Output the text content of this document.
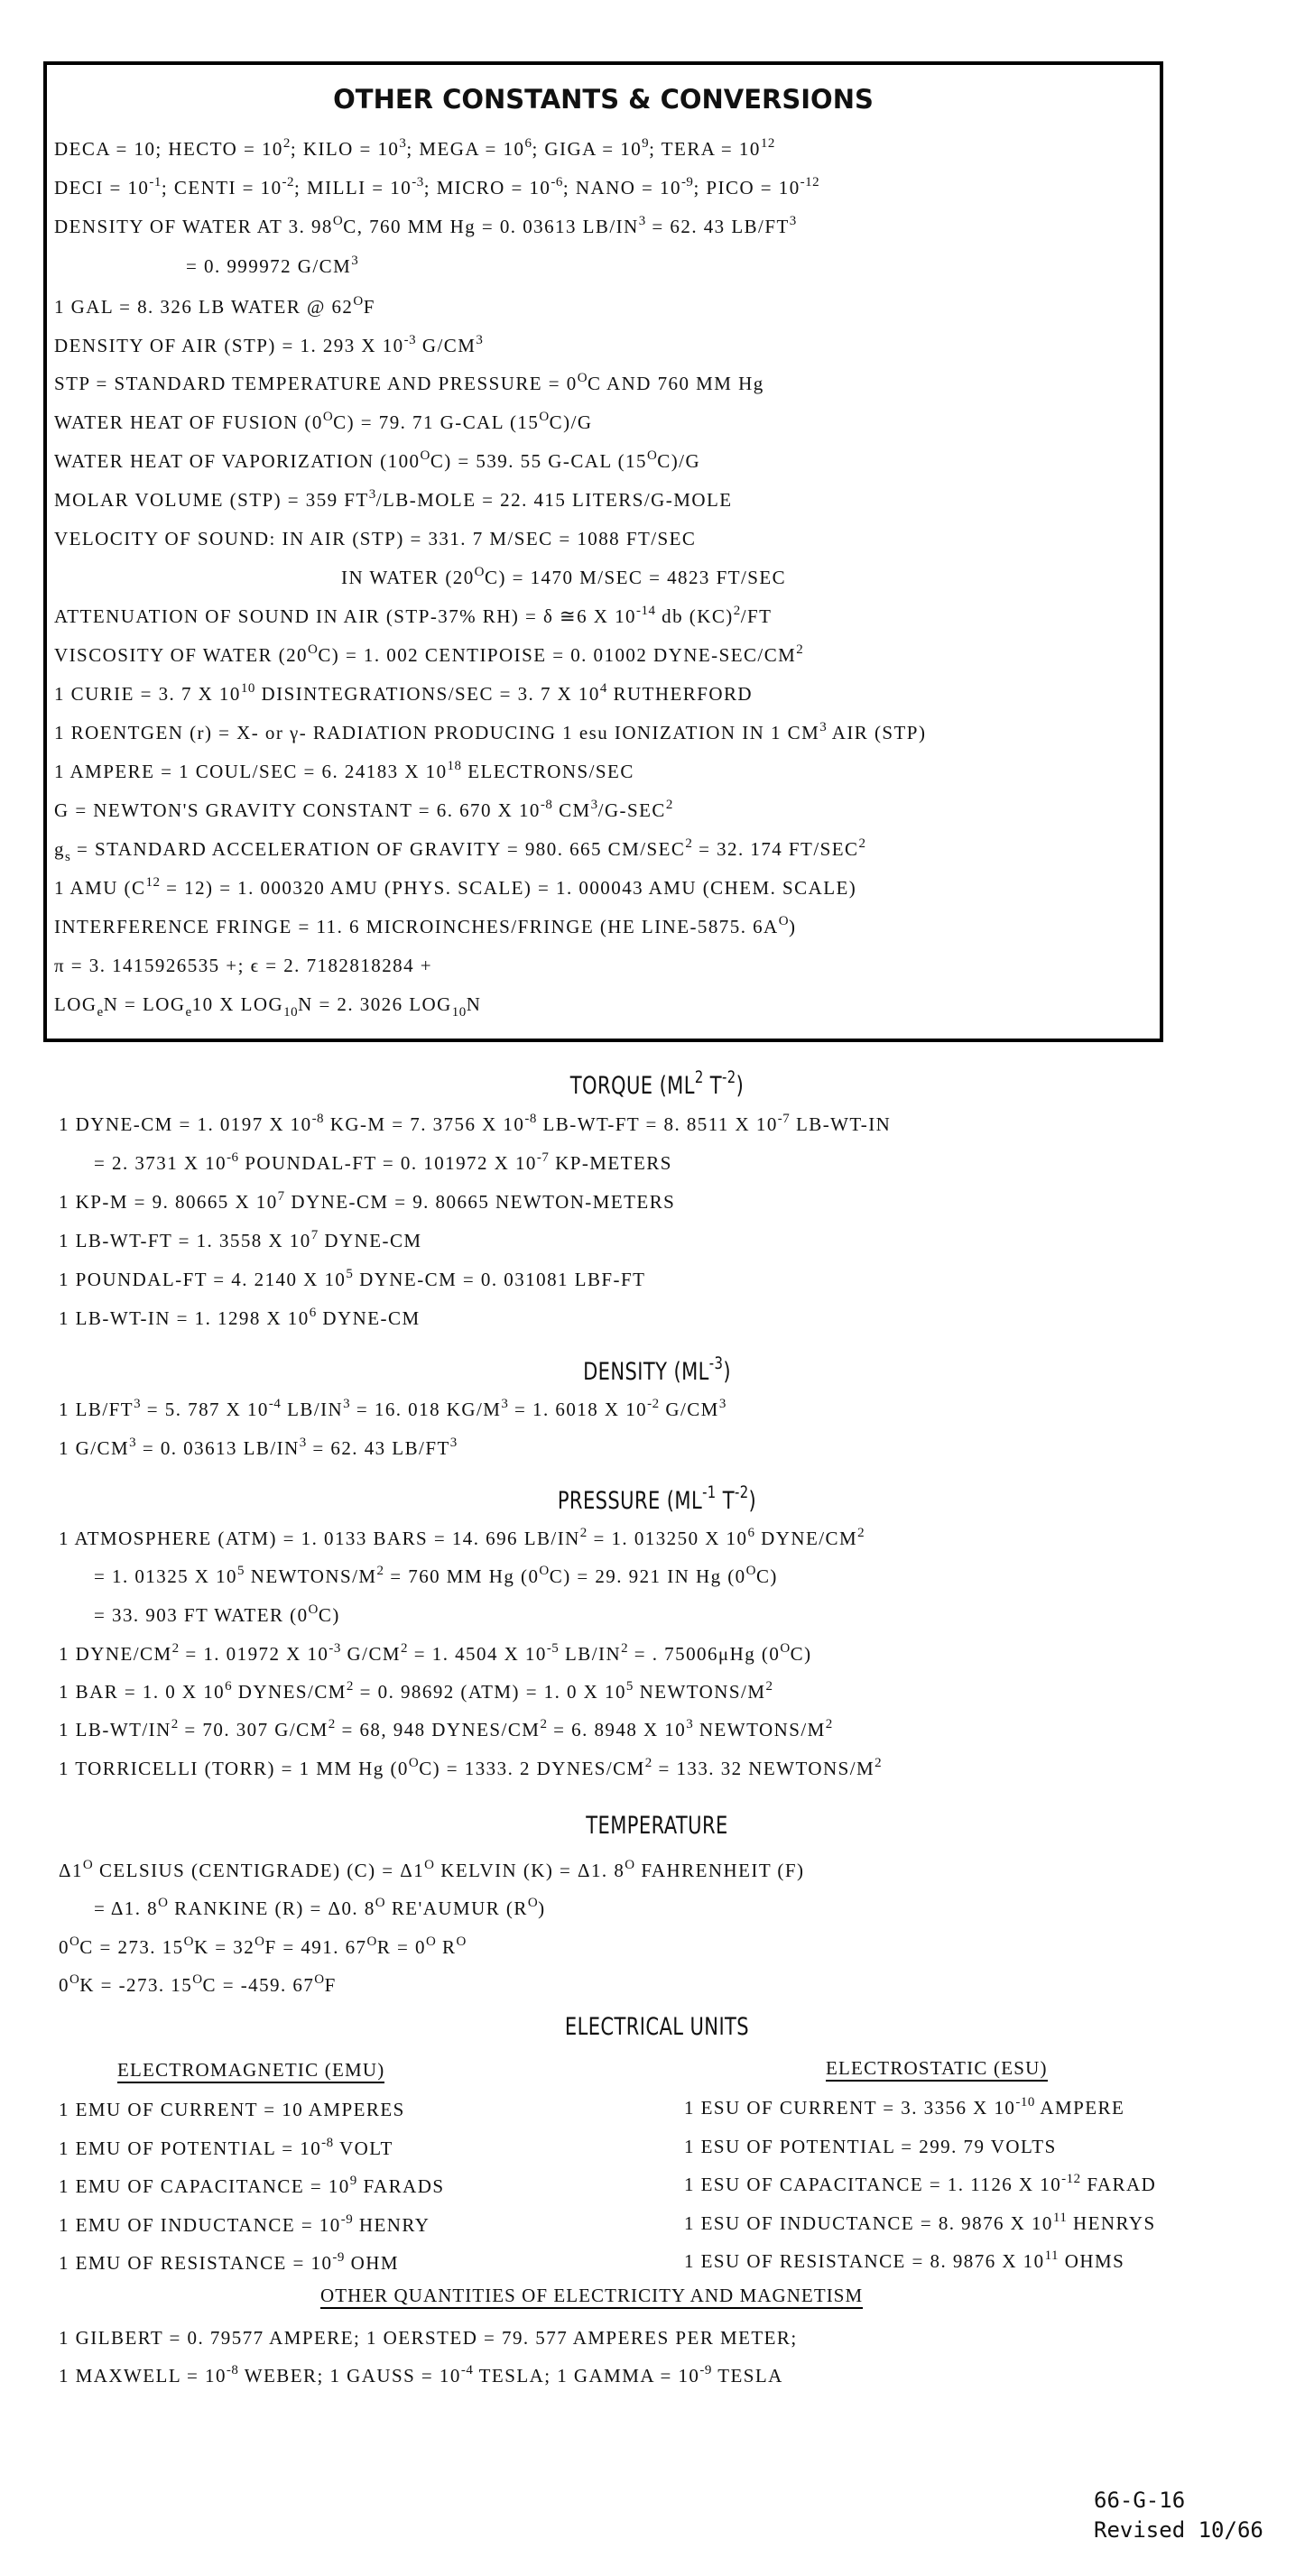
OTHER CONSTANTS & CONVERSIONS
DECA = 10; HECTO = $10^2$; KILO = $10^3$; MEGA = $10^6$; GIGA = $10^9$; TERA = $10^{12}$
DECI = $10^{-1}$; CENTI = $10^{-2}$; MILLI = $10^{-3}$; MICRO = $10^{-6}$; NANO = $10^{-9}$; PICO = $10^{-12}$
DENSITY OF WATER AT 3. $98^OC$, 760 MM Hg = 0. 03613 $LB/IN^3 = 62$. 43 $LB/FT^3$
= 0. 999972 $G/CM^3$
1 GAL = 8. 326 LB WATER @ $62^OF$
DENSITY OF AIR (STP) = 1. 293 X $10^{-3}$ $G/CM^3$
STP = STANDARD TEMPERATURE AND PRESSURE = $0^OC$ AND 760 MM Hg
WATER HEAT OF FUSION $(0^OC) = 79$. 71 G-CAL $(15^OC)/G$
WATER HEAT OF VAPORIZATION $(100^OC) = 539$. 55 G-CAL $(15^OC)/G$
MOLAR VOLUME (STP) = 359 $FT^3/LB$-MOLE = 22. 415 LITERS/G-MOLE
VELOCITY OF SOUND: IN AIR (STP) = 331. 7 M/SEC = 1088 FT/SEC
IN WATER $(20^OC) = 1470$ M/SEC = 4823 FT/SEC
ATTENUATION OF SOUND IN AIR (STP-37% RH) = δ ≅6 X $10^{-14}$ db (KC)$^2$/FT
VISCOSITY OF WATER $(20^OC) = 1$. 002 CENTIPOISE = 0. 01002 DYNE-$SEC/CM^2$
1 CURIE = 3. 7 X $10^{10}$ DISINTEGRATIONS/SEC = 3. 7 X $10^4$ RUTHERFORD
1 ROENTGEN (r) = X- or γ- RADIATION PRODUCING 1 esu IONIZATION IN 1 $CM^3$ AIR (STP)
1 AMPERE = 1 COUL/SEC = 6. 24183 X $10^{18}$ ELECTRONS/SEC
G = NEWTON'S GRAVITY CONSTANT = 6. 670 X $10^{-8}$ $CM^3/G-SEC^2$
$g_s$ = STANDARD ACCELERATION OF GRAVITY = 980. 665 $CM/SEC^2 = 32$. 174 FT/SEC$^2$
1 AMU $(C^{12} = 12) = 1$. 000320 AMU (PHYS. SCALE) = 1. 000043 AMU (CHEM. SCALE)
INTERFERENCE FRINGE = 11. 6 MICROINCHES/FRINGE (HE LINE-5875. $6A^O$)
π = 3. 1415926535 +; ϵ = 2. 7182818284 +
$LOG_eN = LOG_e10$ X $LOG_{10}N = 2$. 3026 $LOG_{10}N$
TORQUE ($ML^2$ $T^{-2}$)
1 DYNE-CM = 1. 0197 X $10^{-8}$ KG-M = 7. 3756 X $10^{-8}$ LB-WT-FT = 8. 8511 X $10^{-7}$ LB-WT-IN
= 2. 3731 X $10^{-6}$ POUNDAL-FT = 0. 101972 X $10^{-7}$ KP-METERS
1 KP-M = 9. 80665 X $10^7$ DYNE-CM = 9. 80665 NEWTON-METERS
1 LB-WT-FT = 1. 3558 X $10^7$ DYNE-CM
1 POUNDAL-FT = 4. 2140 X $10^5$ DYNE-CM = 0. 031081 LBF-FT
1 LB-WT-IN = 1. 1298 X $10^6$ DYNE-CM
DENSITY $(ML^{-3})$
1 $LB/FT^3 = 5$. 787 X $10^{-4}$ $LB/IN^3 = 16$. 018 $KG/M^3 = 1$. 6018 X $10^{-2}$ $G/CM^3$
1 $G/CM^3 = 0$. 03613 $LB/IN^3 = 62$. 43 $LB/FT^3$
PRESSURE ($ML^{-1}$ $T^{-2}$)
1 ATMOSPHERE (ATM) = 1. 0133 BARS = 14. 696 $LB/IN^2 = 1$. 013250 X $10^6$ DYNE/$CM^2$
= 1. 01325 X $10^5$ NEWTONS/$M^2 = 760$ MM Hg $(0^OC) = 29$. 921 IN Hg $(0^OC)$
= 33. 903 FT WATER $(0^OC)$
1 DYNE/$CM^2 = 1$. 01972 X $10^{-3}$ $G/CM^2 = 1$. 4504 X $10^{-5}$ $LB/IN^2$ = . 75006μHg $(0^OC)$
1 BAR = 1. 0 X $10^6$ DYNES/$CM^2 = 0$. 98692 (ATM) = 1. 0 X $10^5$ NEWTONS/$M^2$
1 $LB-WT/IN^2 = 70$. 307 $G/CM^2 = 68$, 948 DYNES/$CM^2 = 6$. 8948 X $10^3$ NEWTONS/$M^2$
1 TORRICELLI (TORR) = 1 MM Hg $(0^OC) = 1333$. 2 DYNES/$CM^2 = 133$. 32 NEWTONS/$M^2$
TEMPERATURE
$\Delta 1^O$ CELSIUS (CENTIGRADE) $(C) = \Delta 1^O$ KELVIN (K) = Δ1. $8^O$ FAHRENHEIT (F)
= Δ1. $8^O$ RANKINE (R) = Δ0. $8^O$ RE'AUMUR $(R^O)$
$0^OC = 273$. $15^OK = 32^OF = 491$. $67^OR = 0^O$ $R^O$
$0^OK = -273$. $15^OC = -459$. $67^OF$
ELECTRICAL UNITS
1 EMU OF CURRENT = 10 AMPERES
1 EMU OF POTENTIAL = $10^{-8}$ VOLT
1 EMU OF CAPACITANCE = $10^9$ FARADS
1 EMU OF INDUCTANCE = $10^{-9}$ HENRY
1 EMU OF RESISTANCE = $10^{-9}$ OHM
1 ESU OF CURRENT = 3. 3356 X $10^{-10}$ AMPERE
1 ESU OF POTENTIAL = 299. 79 VOLTS
1 ESU OF CAPACITANCE = 1. 1126 X $10^{-12}$ FARAD
1 ESU OF INDUCTANCE = 8. 9876 X $10^{11}$ HENRYS
1 ESU OF RESISTANCE = 8. 9876 X $10^{11}$ OHMS
1 GILBERT = 0. 79577 AMPERE; 1 OERSTED = 79. 577 AMPERES PER METER;
1 MAXWELL = $10^{-8}$ WEBER; 1 GAUSS = $10^{-4}$ TESLA; 1 GAMMA = $10^{-9}$ TESLA
ELECTROMAGNETIC (EMU)	ELECTROSTATIC (ESU)
OTHER QUANTITIES OF ELECTRICITY AND MAGNETISM
66-G-16
Revised 10/66
